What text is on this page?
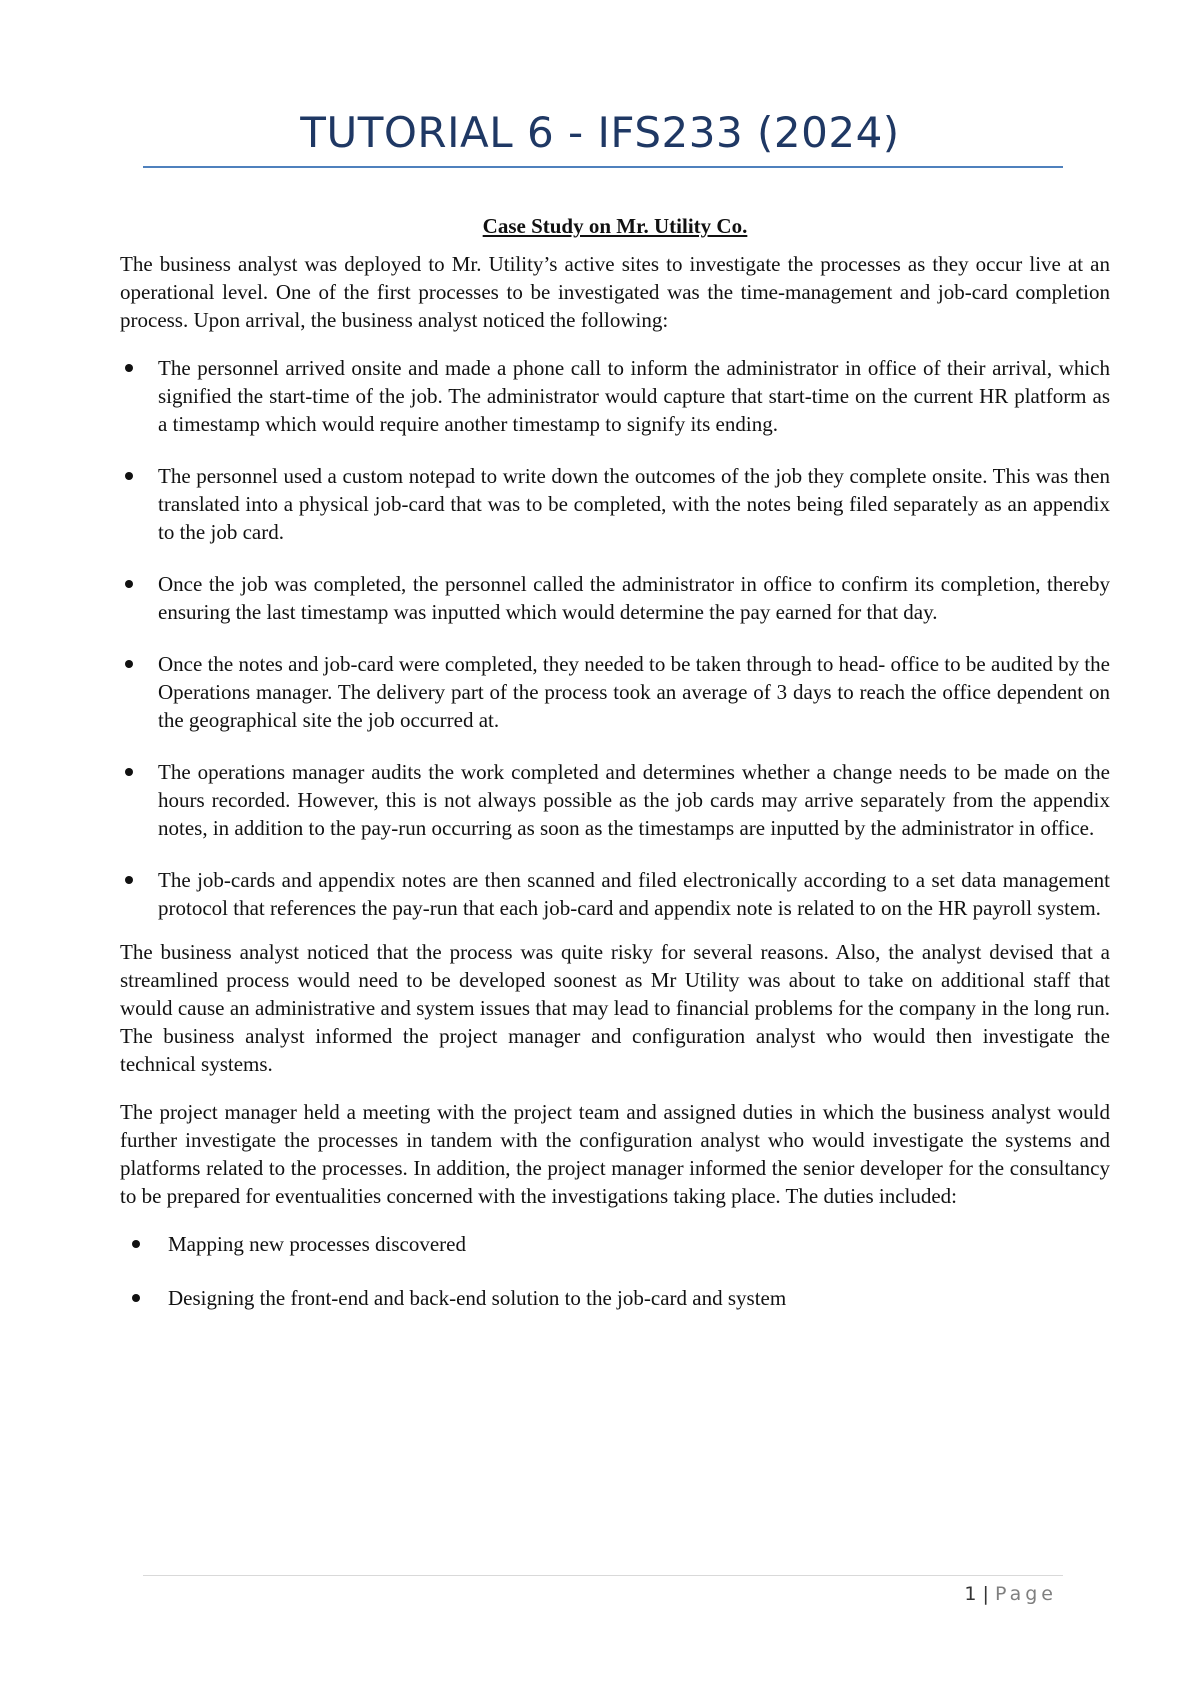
TUTORIAL 6 - IFS233 (2024)
Case Study on Mr. Utility Co.

The business analyst was deployed to Mr. Utility’s active sites to investigate the processes as they occur live at an operational level. One of the first processes to be investigated was the time-management and job-card completion process. Upon arrival, the business analyst noticed the following:

The personnel arrived onsite and made a phone call to inform the administrator in office of their arrival, which signified the start-time of the job. The administrator would capture that start-time on the current HR platform as a timestamp which would require another timestamp to signify its ending.
The personnel used a custom notepad to write down the outcomes of the job they complete onsite. This was then translated into a physical job-card that was to be completed, with the notes being filed separately as an appendix to the job card.
Once the job was completed, the personnel called the administrator in office to confirm its completion, thereby ensuring the last timestamp was inputted which would determine the pay earned for that day.
Once the notes and job-card were completed, they needed to be taken through to head- office to be audited by the Operations manager. The delivery part of the process took an average of 3 days to reach the office dependent on the geographical site the job occurred at.
The operations manager audits the work completed and determines whether a change needs to be made on the hours recorded. However, this is not always possible as the job cards may arrive separately from the appendix notes, in addition to the pay-run occurring as soon as the timestamps are inputted by the administrator in office.
The job-cards and appendix notes are then scanned and filed electronically according to a set data management protocol that references the pay-run that each job-card and appendix note is related to on the HR payroll system.

The business analyst noticed that the process was quite risky for several reasons. Also, the analyst devised that a streamlined process would need to be developed soonest as Mr Utility was about to take on additional staff that would cause an administrative and system issues that may lead to financial problems for the company in the long run. The business analyst informed the project manager and configuration analyst who would then investigate the technical systems.

The project manager held a meeting with the project team and assigned duties in which the business analyst would further investigate the processes in tandem with the configuration analyst who would investigate the systems and platforms related to the processes. In addition, the project manager informed the senior developer for the consultancy to be prepared for eventualities concerned with the investigations taking place. The duties included:

Mapping new processes discovered
Designing the front-end and back-end solution to the job-card and system
1 | Page
